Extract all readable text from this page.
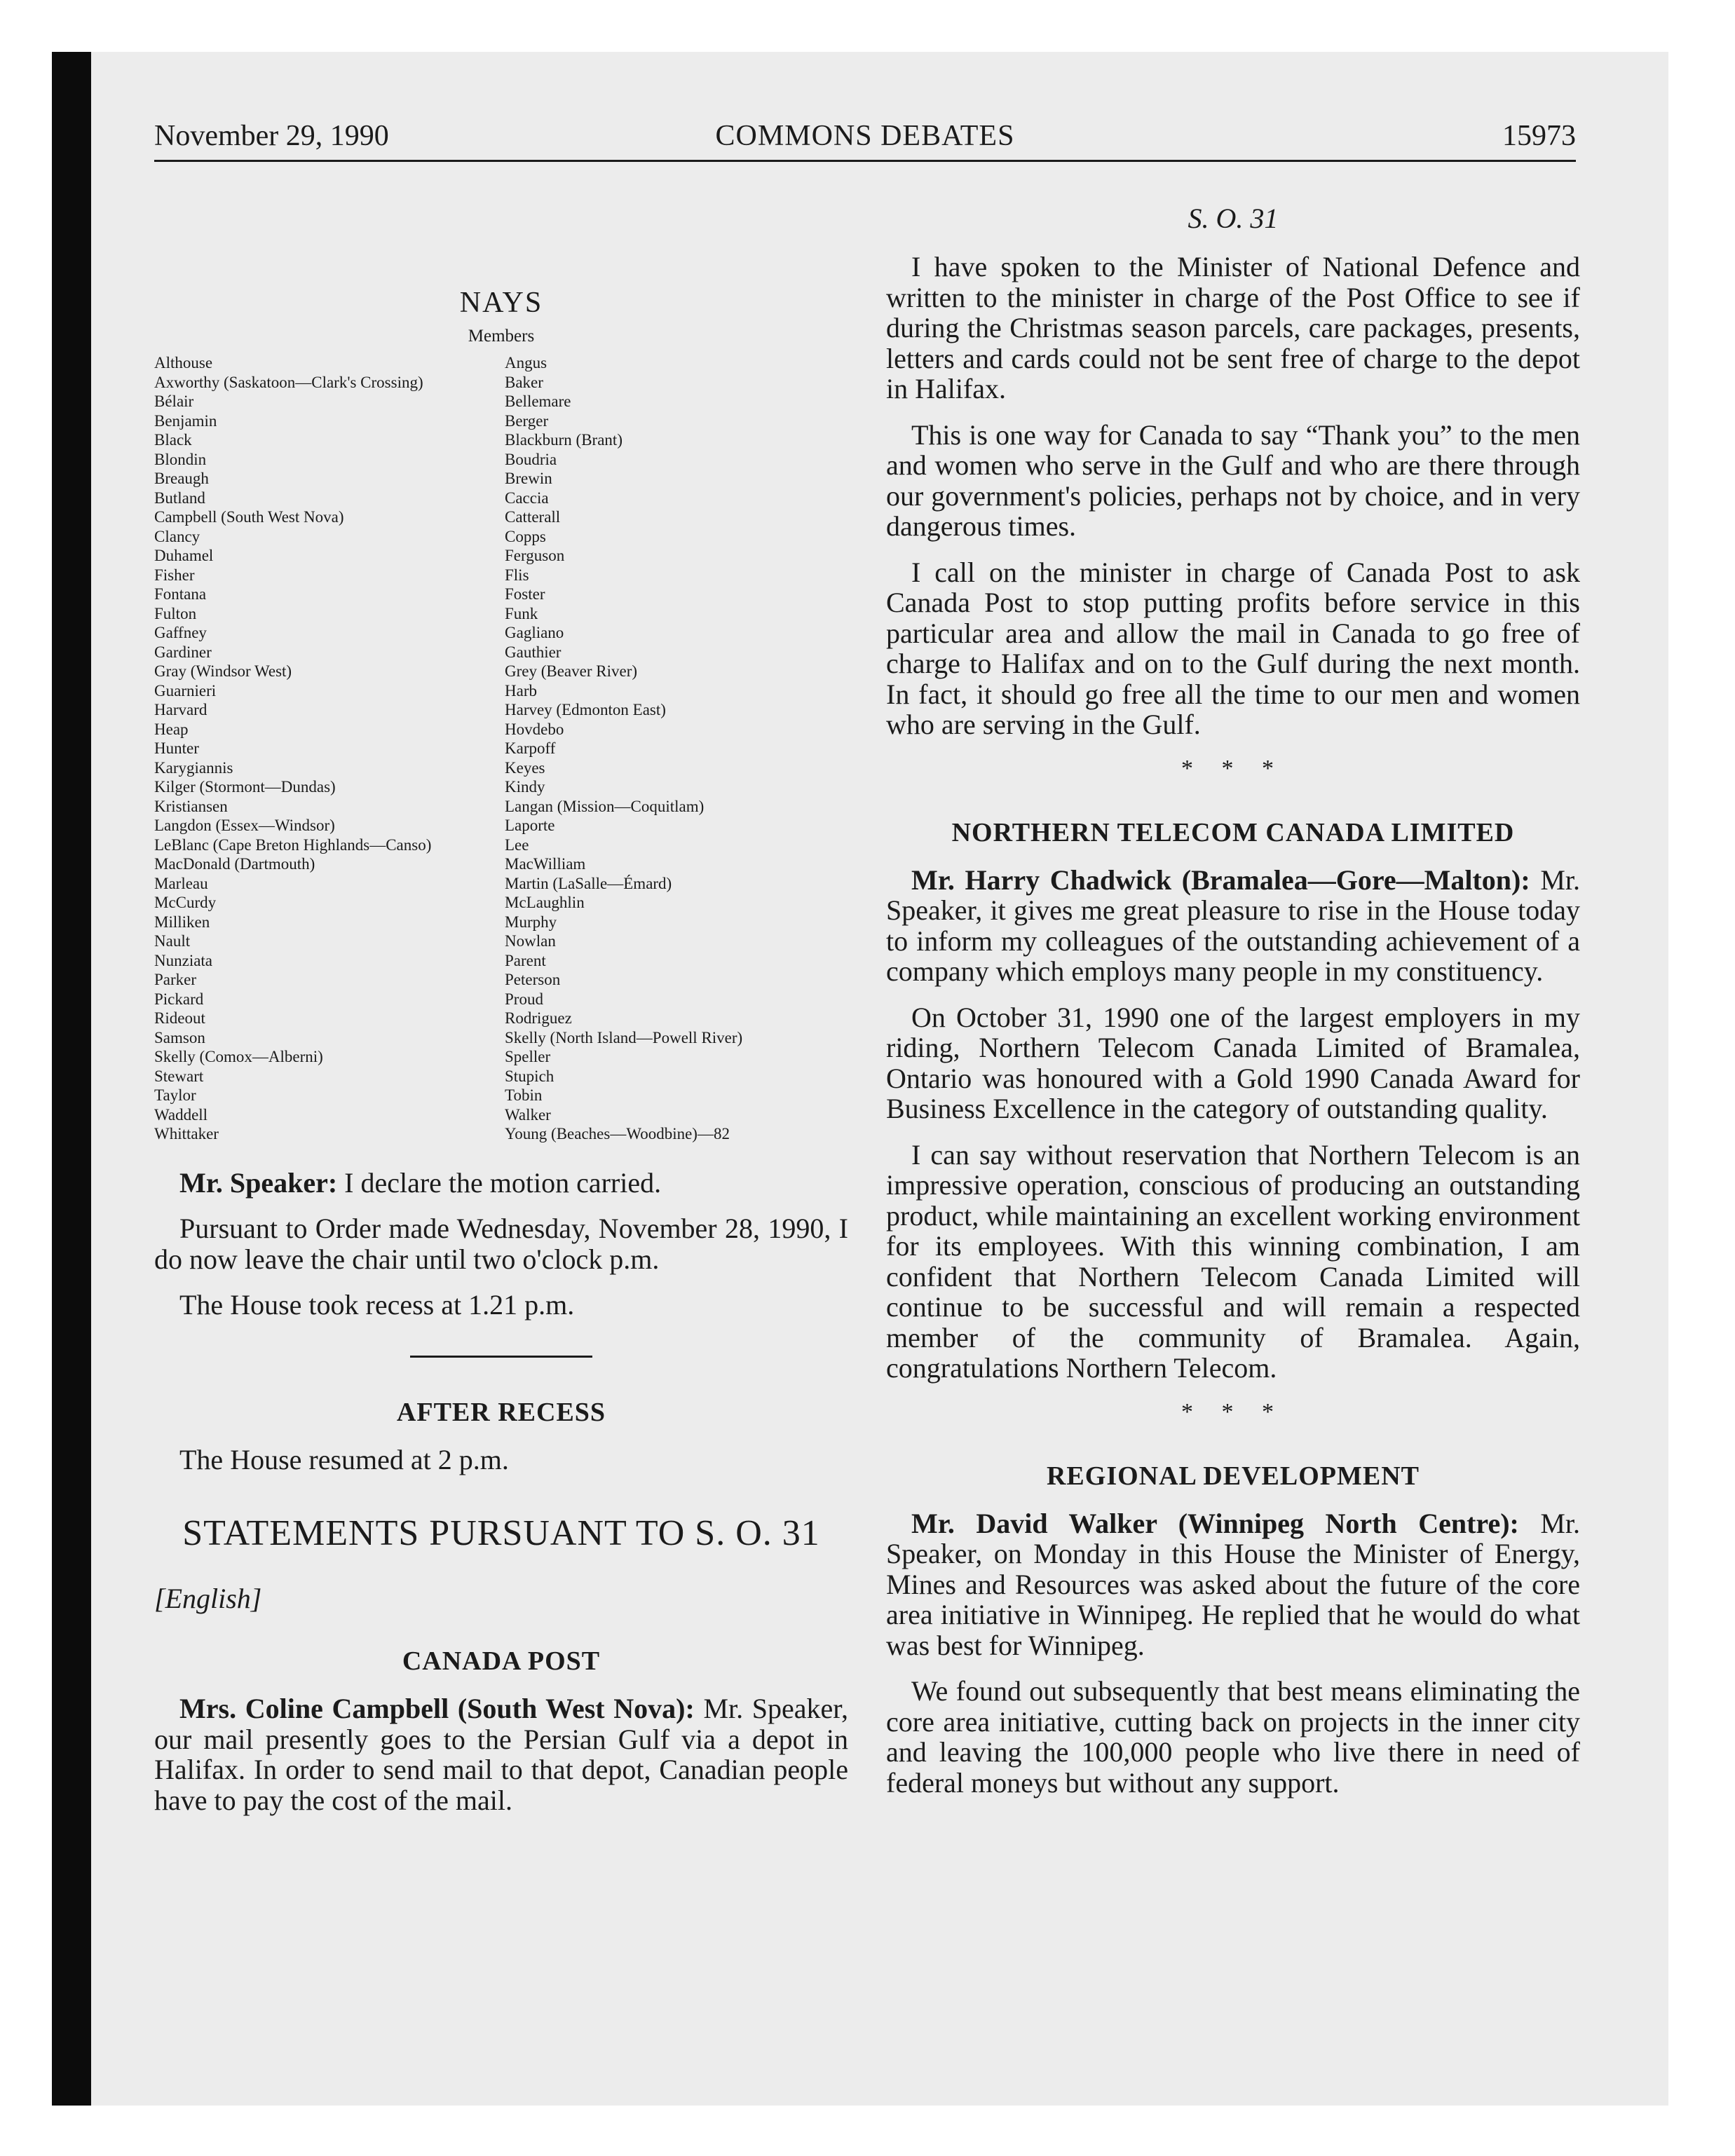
November 29, 1990	COMMONS DEBATES	15973
NAYS
Members
Althouse
Axworthy (Saskatoon—Clark's Crossing)
Bélair
Benjamin
Black
Blondin
Breaugh
Butland
Campbell (South West Nova)
Clancy
Duhamel
Fisher
Fontana
Fulton
Gaffney
Gardiner
Gray (Windsor West)
Guarnieri
Harvard
Heap
Hunter
Karygiannis
Kilger (Stormont—Dundas)
Kristiansen
Langdon (Essex—Windsor)
LeBlanc (Cape Breton Highlands—Canso)
MacDonald (Dartmouth)
Marleau
McCurdy
Milliken
Nault
Nunziata
Parker
Pickard
Rideout
Samson
Skelly (Comox—Alberni)
Stewart
Taylor
Waddell
Whittaker
Angus
Baker
Bellemare
Berger
Blackburn (Brant)
Boudria
Brewin
Caccia
Catterall
Copps
Ferguson
Flis
Foster
Funk
Gagliano
Gauthier
Grey (Beaver River)
Harb
Harvey (Edmonton East)
Hovdebo
Karpoff
Keyes
Kindy
Langan (Mission—Coquitlam)
Laporte
Lee
MacWilliam
Martin (LaSalle—Émard)
McLaughlin
Murphy
Nowlan
Parent
Peterson
Proud
Rodriguez
Skelly (North Island—Powell River)
Speller
Stupich
Tobin
Walker
Young (Beaches—Woodbine)—82

Mr. Speaker: I declare the motion carried.

Pursuant to Order made Wednesday, November 28, 1990, I do now leave the chair until two o'clock p.m.

The House took recess at 1.21 p.m.

AFTER RECESS

The House resumed at 2 p.m.

STATEMENTS PURSUANT TO S. O. 31
[English]
CANADA POST

Mrs. Coline Campbell (South West Nova): Mr. Speaker, our mail presently goes to the Persian Gulf via a depot in Halifax. In order to send mail to that depot, Canadian people have to pay the cost of the mail.

S. O. 31

I have spoken to the Minister of National Defence and written to the minister in charge of the Post Office to see if during the Christmas season parcels, care packages, presents, letters and cards could not be sent free of charge to the depot in Halifax.

This is one way for Canada to say “Thank you” to the men and women who serve in the Gulf and who are there through our government's policies, perhaps not by choice, and in very dangerous times.

I call on the minister in charge of Canada Post to ask Canada Post to stop putting profits before service in this particular area and allow the mail in Canada to go free of charge to Halifax and on to the Gulf during the next month. In fact, it should go free all the time to our men and women who are serving in the Gulf.

* * *
NORTHERN TELECOM CANADA LIMITED

Mr. Harry Chadwick (Bramalea—Gore—Malton): Mr. Speaker, it gives me great pleasure to rise in the House today to inform my colleagues of the outstanding achievement of a company which employs many people in my constituency.

On October 31, 1990 one of the largest employers in my riding, Northern Telecom Canada Limited of Bramalea, Ontario was honoured with a Gold 1990 Canada Award for Business Excellence in the category of outstanding quality.

I can say without reservation that Northern Telecom is an impressive operation, conscious of producing an outstanding product, while maintaining an excellent working environment for its employees. With this winning combination, I am confident that Northern Telecom Canada Limited will continue to be successful and will remain a respected member of the community of Bramalea. Again, congratulations Northern Telecom.

* * *
REGIONAL DEVELOPMENT

Mr. David Walker (Winnipeg North Centre): Mr. Speaker, on Monday in this House the Minister of Energy, Mines and Resources was asked about the future of the core area initiative in Winnipeg. He replied that he would do what was best for Winnipeg.

We found out subsequently that best means eliminating the core area initiative, cutting back on projects in the inner city and leaving the 100,000 people who live there in need of federal moneys but without any support.
